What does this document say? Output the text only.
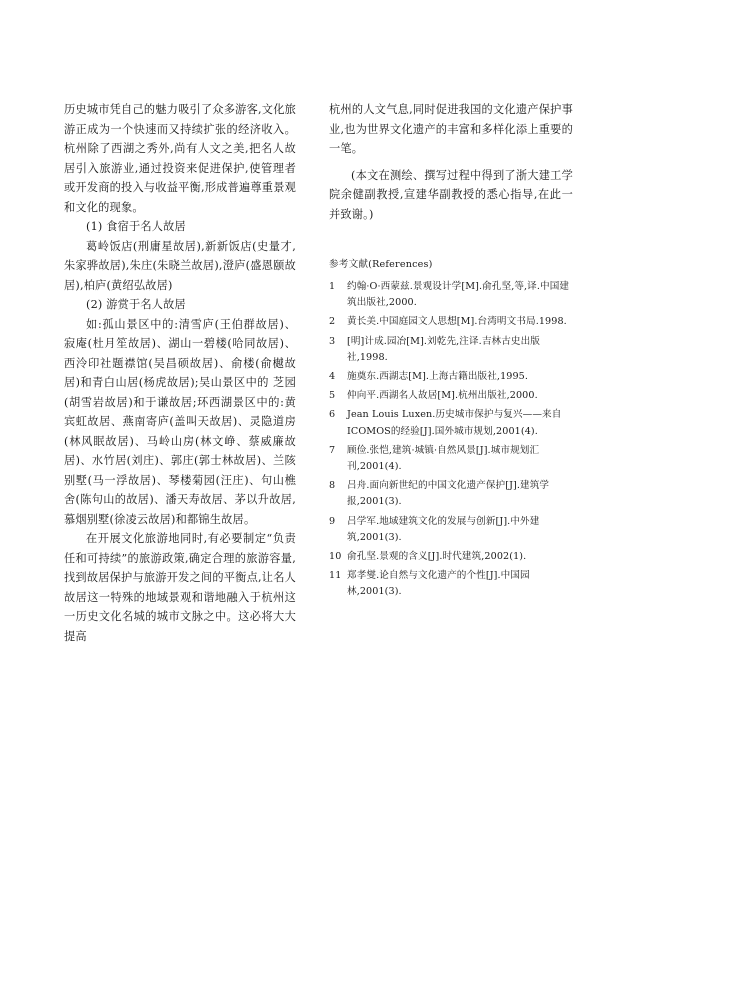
历史城市凭自己的魅力吸引了众多游客,文化旅游正成为一个快速而又持续扩张的经济收入。杭州除了西湖之秀外,尚有人文之美,把名人故居引入旅游业,通过投资来促进保护,使管理者或开发商的投入与收益平衡,形成普遍尊重景观和文化的现象。

(1) 食宿于名人故居

葛岭饭店(刑庸星故居),新新饭店(史量才,朱家骅故居),朱庄(朱晓兰故居),澄庐(盛恩颐故居),柏庐(黄绍弘故居)

(2) 游赏于名人故居

如:孤山景区中的:清雪庐(王伯群故居)、寂庵(杜月笙故居)、湖山一碧楼(哈同故居)、西泠印社题襟馆(吴昌硕故居)、俞楼(俞樾故居)和青白山居(杨虎故居);吴山景区中的 芝园(胡雪岩故居)和于谦故居;环西湖景区中的:黄宾虹故居、燕南寄庐(盖叫天故居)、灵隐道房(林风眠故居)、马岭山房(林文峥、蔡威廉故居)、水竹居(刘庄)、郭庄(郭士林故居)、兰陔别墅(马一浮故居)、琴楼菊园(汪庄)、句山樵舍(陈句山的故居)、潘天寿故居、茅以升故居,慕烟别墅(徐凌云故居)和都锦生故居。

在开展文化旅游地同时,有必要制定“负责任和可持续”的旅游政策,确定合理的旅游容量,找到故居保护与旅游开发之间的平衡点,让名人故居这一特殊的地域景观和谐地融入于杭州这一历史文化名城的城市文脉之中。这必将大大提高

杭州的人文气息,同时促进我国的文化遗产保护事业,也为世界文化遗产的丰富和多样化添上重要的一笔。

(本文在测绘、撰写过程中得到了浙大建工学院余健副教授,宣建华副教授的悉心指导,在此一并致谢。)

参考文献(References)
1	约翰·O·西蒙兹.景观设计学[M].俞孔坚,等,译.中国建筑出版社,2000.
2	黄长美.中国庭园文人思想[M].台湾明文书局.1998.
3	[明]计成.园冶[M].刘乾先,注译.吉林古史出版社,1998.
4	施奠东.西湖志[M].上海古籍出版社,1995.
5	仲向平.西湖名人故居[M].杭州出版社,2000.
6	Jean Louis Luxen.历史城市保护与复兴——来自ICOMOS的经验[J].国外城市规划,2001(4).
7	顾俭.张恺,建筑·城镇·自然风景[J].城市规划汇刊,2001(4).
8	吕舟.面向新世纪的中国文化遗产保护[J].建筑学报,2001(3).
9	吕学军.地域建筑文化的发展与创新[J].中外建筑,2001(3).
10 俞孔坚.景观的含义[J].时代建筑,2002(1).
11 郑孝燮.论自然与文化遗产的个性[J].中国园林,2001(3).
